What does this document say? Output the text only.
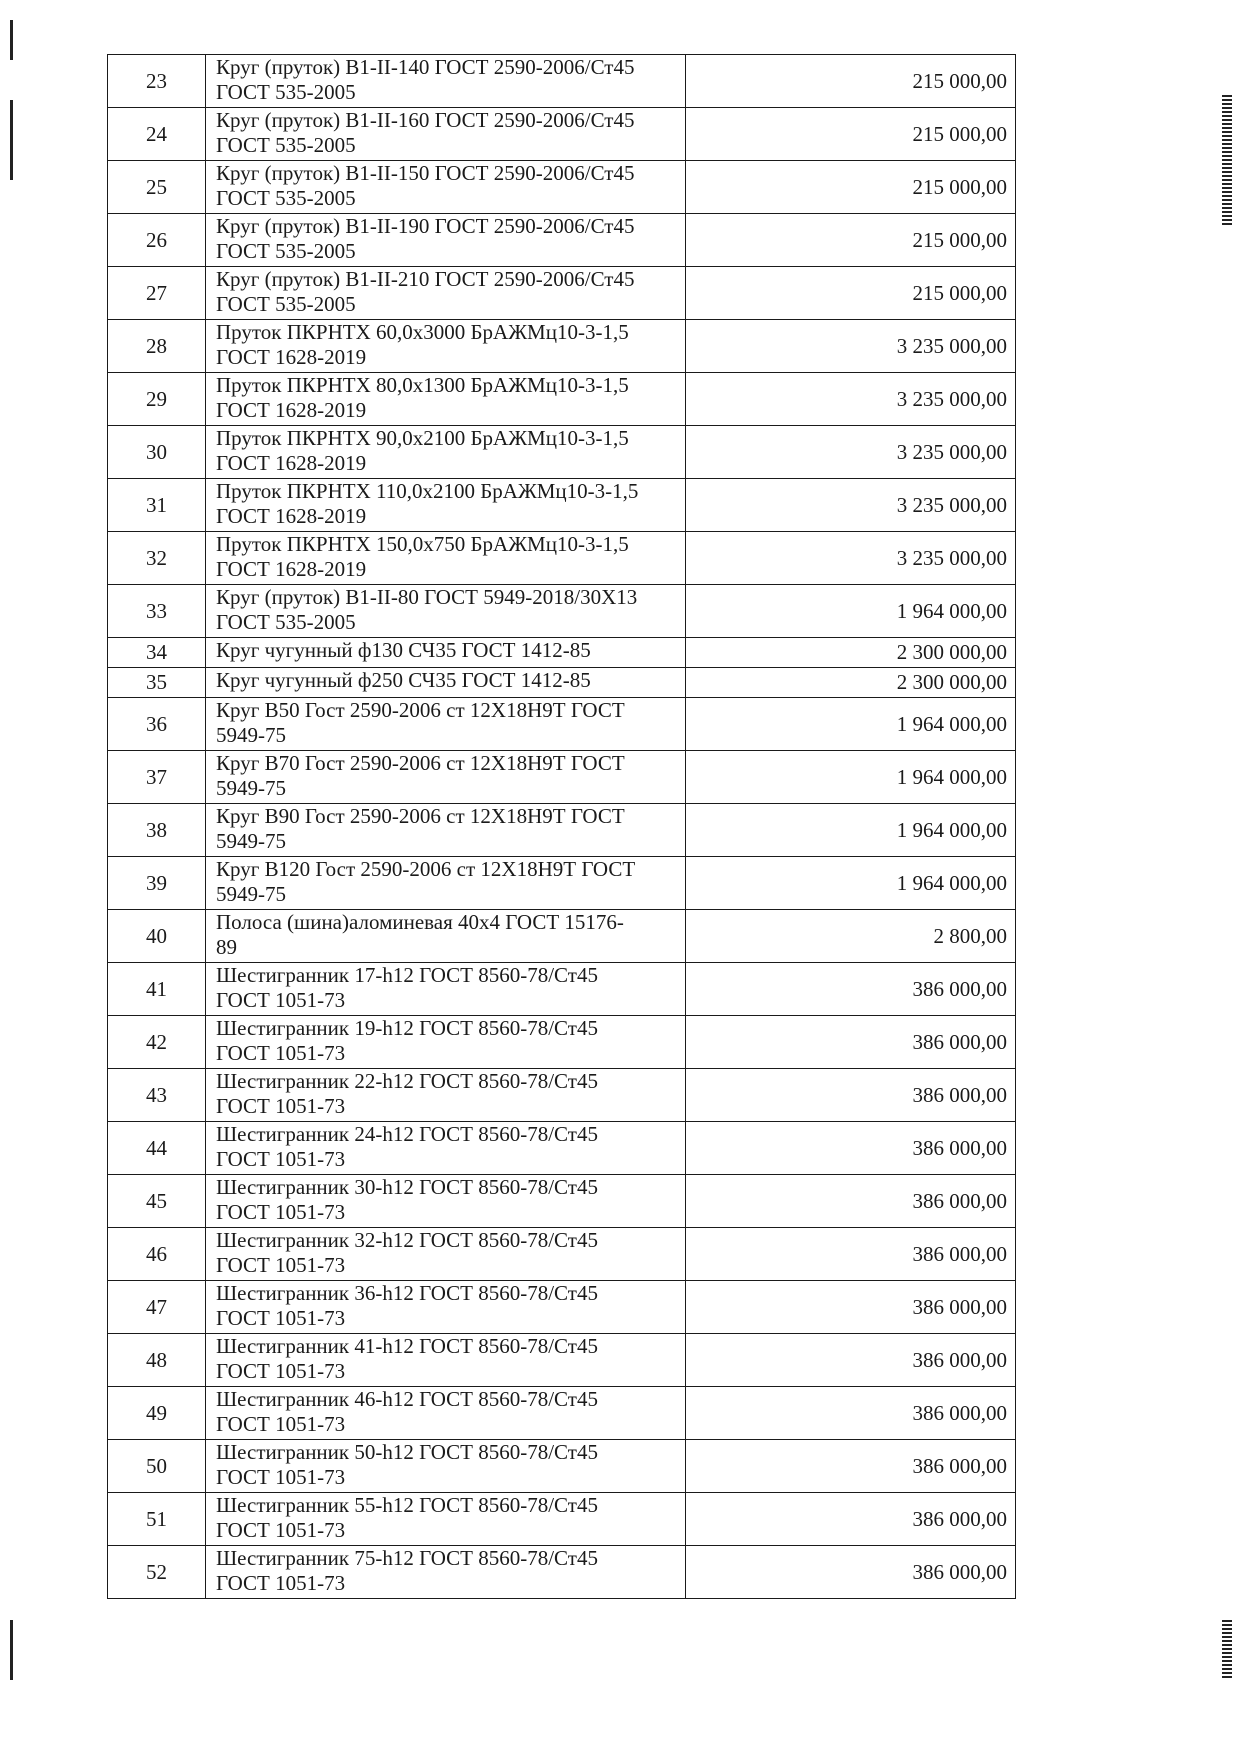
23	Круг (пруток) В1-II-140 ГОСТ 2590-2006/Ст45
ГОСТ 535-2005	215 000,00
24	Круг (пруток) В1-II-160 ГОСТ 2590-2006/Ст45
ГОСТ 535-2005	215 000,00
25	Круг (пруток) В1-II-150 ГОСТ 2590-2006/Ст45
ГОСТ 535-2005	215 000,00
26	Круг (пруток) В1-II-190 ГОСТ 2590-2006/Ст45
ГОСТ 535-2005	215 000,00
27	Круг (пруток) В1-II-210 ГОСТ 2590-2006/Ст45
ГОСТ 535-2005	215 000,00
28	Пруток ПКРНТХ 60,0х3000 БрАЖМц10-3-1,5
ГОСТ 1628-2019	3 235 000,00
29	Пруток ПКРНТХ 80,0х1300 БрАЖМц10-3-1,5
ГОСТ 1628-2019	3 235 000,00
30	Пруток ПКРНТХ 90,0х2100 БрАЖМц10-3-1,5
ГОСТ 1628-2019	3 235 000,00
31	Пруток ПКРНТХ 110,0х2100 БрАЖМц10-3-1,5
ГОСТ 1628-2019	3 235 000,00
32	Пруток ПКРНТХ 150,0х750 БрАЖМц10-3-1,5
ГОСТ 1628-2019	3 235 000,00
33	Круг (пруток) В1-II-80 ГОСТ 5949-2018/30Х13
ГОСТ 535-2005	1 964 000,00
34	Круг чугунный ф130 СЧ35 ГОСТ 1412-85	2 300 000,00
35	Круг чугунный ф250 СЧ35 ГОСТ 1412-85	2 300 000,00
36	Круг В50 Гост 2590-2006 ст 12Х18Н9Т ГОСТ
5949-75	1 964 000,00
37	Круг В70 Гост 2590-2006 ст 12Х18Н9Т ГОСТ
5949-75	1 964 000,00
38	Круг В90 Гост 2590-2006 ст 12Х18Н9Т ГОСТ
5949-75	1 964 000,00
39	Круг В120 Гост 2590-2006 ст 12Х18Н9Т ГОСТ
5949-75	1 964 000,00
40	Полоса (шина)аломиневая 40х4 ГОСТ 15176-
89	2 800,00
41	Шестигранник 17-h12 ГОСТ 8560-78/Ст45
ГОСТ 1051-73	386 000,00
42	Шестигранник 19-h12 ГОСТ 8560-78/Ст45
ГОСТ 1051-73	386 000,00
43	Шестигранник 22-h12 ГОСТ 8560-78/Ст45
ГОСТ 1051-73	386 000,00
44	Шестигранник 24-h12 ГОСТ 8560-78/Ст45
ГОСТ 1051-73	386 000,00
45	Шестигранник 30-h12 ГОСТ 8560-78/Ст45
ГОСТ 1051-73	386 000,00
46	Шестигранник 32-h12 ГОСТ 8560-78/Ст45
ГОСТ 1051-73	386 000,00
47	Шестигранник 36-h12 ГОСТ 8560-78/Ст45
ГОСТ 1051-73	386 000,00
48	Шестигранник 41-h12 ГОСТ 8560-78/Ст45
ГОСТ 1051-73	386 000,00
49	Шестигранник 46-h12 ГОСТ 8560-78/Ст45
ГОСТ 1051-73	386 000,00
50	Шестигранник 50-h12 ГОСТ 8560-78/Ст45
ГОСТ 1051-73	386 000,00
51	Шестигранник 55-h12 ГОСТ 8560-78/Ст45
ГОСТ 1051-73	386 000,00
52	Шестигранник 75-h12 ГОСТ 8560-78/Ст45
ГОСТ 1051-73	386 000,00
